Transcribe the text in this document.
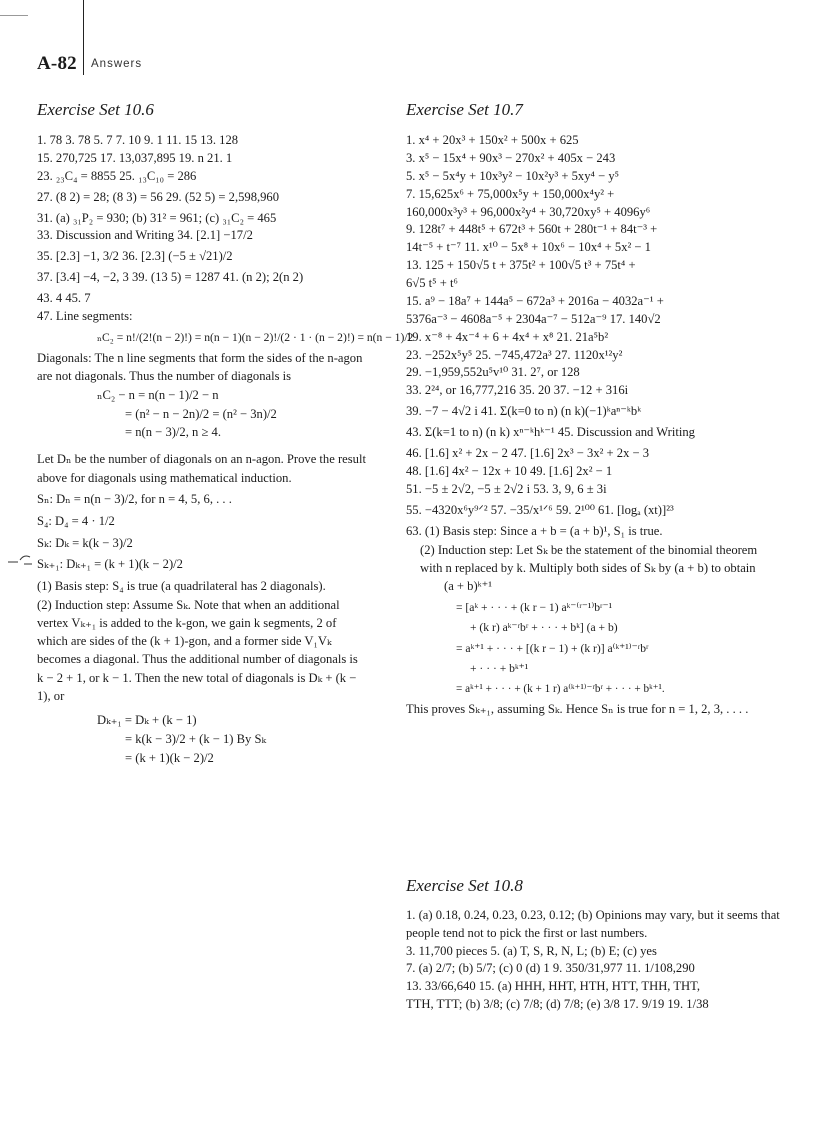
A-82 Answers
Exercise Set 10.6
1. 78 3. 78 5. 7 7. 10 9. 1 11. 15 13. 128
15. 270,725 17. 13,037,895 19. n 21. 1
23. ₂₃C₄ = 8855 25. ₁₃C₁₀ = 286
27. (8 2) = 28; (8 3) = 56 29. (52 5) = 2,598,960
31. (a) ₃₁P₂ = 930; (b) 31² = 961; (c) ₃₁C₂ = 465
33. Discussion and Writing 34. [2.1] −17/2
35. [2.3] −1, 3/2 36. [2.3] (−5 ± √21)/2
37. [3.4] −4, −2, 3 39. (13 5) = 1287 41. (n 2); 2(n 2)
43. 4 45. 7
47. Line segments:
ₙC₂ = n!/(2!(n − 2)!) = n(n − 1)(n − 2)!/(2 · 1 · (n − 2)!) = n(n − 1)/2
Diagonals: The n line segments that form the sides of the n-agon are not diagonals. Thus the number of diagonals is
ₙC₂ − n = n(n − 1)/2 − n
= (n² − n − 2n)/2 = (n² − 3n)/2
= n(n − 3)/2, n ≥ 4.
Let Dₙ be the number of diagonals on an n-agon. Prove the result above for diagonals using mathematical induction.
Sₙ: Dₙ = n(n − 3)/2, for n = 4, 5, 6, . . .
S₄: D₄ = 4 · 1/2
Sₖ: Dₖ = k(k − 3)/2
Sₖ₊₁: Dₖ₊₁ = (k + 1)(k − 2)/2
(1) Basis step: S₄ is true (a quadrilateral has 2 diagonals).
(2) Induction step: Assume Sₖ. Note that when an additional vertex Vₖ₊₁ is added to the k-gon, we gain k segments, 2 of which are sides of the (k + 1)-gon, and a former side V₁Vₖ becomes a diagonal. Thus the additional number of diagonals is k − 2 + 1, or k − 1. Then the new total of diagonals is Dₖ + (k − 1), or
Dₖ₊₁ = Dₖ + (k − 1)
= k(k − 3)/2 + (k − 1) By Sₖ
= (k + 1)(k − 2)/2
Exercise Set 10.7
1. x⁴ + 20x³ + 150x² + 500x + 625
3. x⁵ − 15x⁴ + 90x³ − 270x² + 405x − 243
5. x⁵ − 5x⁴y + 10x³y² − 10x²y³ + 5xy⁴ − y⁵
7. 15,625x⁶ + 75,000x⁵y + 150,000x⁴y² +
160,000x³y³ + 96,000x²y⁴ + 30,720xy⁵ + 4096y⁶
9. 128t⁷ + 448t⁵ + 672t³ + 560t + 280t⁻¹ + 84t⁻³ +
14t⁻⁵ + t⁻⁷ 11. x¹⁰ − 5x⁸ + 10x⁶ − 10x⁴ + 5x² − 1
13. 125 + 150√5 t + 375t² + 100√5 t³ + 75t⁴ +
6√5 t⁵ + t⁶
15. a⁹ − 18a⁷ + 144a⁵ − 672a³ + 2016a − 4032a⁻¹ +
5376a⁻³ − 4608a⁻⁵ + 2304a⁻⁷ − 512a⁻⁹ 17. 140√2
19. x⁻⁸ + 4x⁻⁴ + 6 + 4x⁴ + x⁸ 21. 21a⁵b²
23. −252x⁵y⁵ 25. −745,472a³ 27. 1120x¹²y²
29. −1,959,552u⁵v¹⁰ 31. 2⁷, or 128
33. 2²⁴, or 16,777,216 35. 20 37. −12 + 316i
39. −7 − 4√2 i 41. Σ(k=0 to n) (n k)(−1)ᵏaⁿ⁻ᵏbᵏ
43. Σ(k=1 to n) (n k) xⁿ⁻ᵏhᵏ⁻¹ 45. Discussion and Writing
46. [1.6] x² + 2x − 2 47. [1.6] 2x³ − 3x² + 2x − 3
48. [1.6] 4x² − 12x + 10 49. [1.6] 2x² − 1
51. −5 ± 2√2, −5 ± 2√2 i 53. 3, 9, 6 ± 3i
55. −4320x⁶y⁹ᐟ² 57. −35/x¹ᐟ⁶ 59. 2¹⁰⁰ 61. [logₐ (xt)]²³
63. (1) Basis step: Since a + b = (a + b)¹, S₁ is true.
(2) Induction step: Let Sₖ be the statement of the binomial theorem with n replaced by k. Multiply both sides of Sₖ by (a + b) to obtain
(a + b)ᵏ⁺¹
= [aᵏ + · · · + (k r − 1) aᵏ⁻⁽ʳ⁻¹⁾bʳ⁻¹
+ (k r) aᵏ⁻ʳbʳ + · · · + bᵏ] (a + b)
= aᵏ⁺¹ + · · · + [(k r − 1) + (k r)] a⁽ᵏ⁺¹⁾⁻ʳbʳ
+ · · · + bᵏ⁺¹
= aᵏ⁺¹ + · · · + (k + 1 r) a⁽ᵏ⁺¹⁾⁻ʳbʳ + · · · + bᵏ⁺¹.
This proves Sₖ₊₁, assuming Sₖ. Hence Sₙ is true for n = 1, 2, 3, . . . .
Exercise Set 10.8
1. (a) 0.18, 0.24, 0.23, 0.23, 0.12; (b) Opinions may vary, but it seems that people tend not to pick the first or last numbers.
3. 11,700 pieces 5. (a) T, S, R, N, L; (b) E; (c) yes
7. (a) 2/7; (b) 5/7; (c) 0 (d) 1 9. 350/31,977 11. 1/108,290
13. 33/66,640 15. (a) HHH, HHT, HTH, HTT, THH, THT,
TTH, TTT; (b) 3/8; (c) 7/8; (d) 7/8; (e) 3/8 17. 9/19 19. 1/38
